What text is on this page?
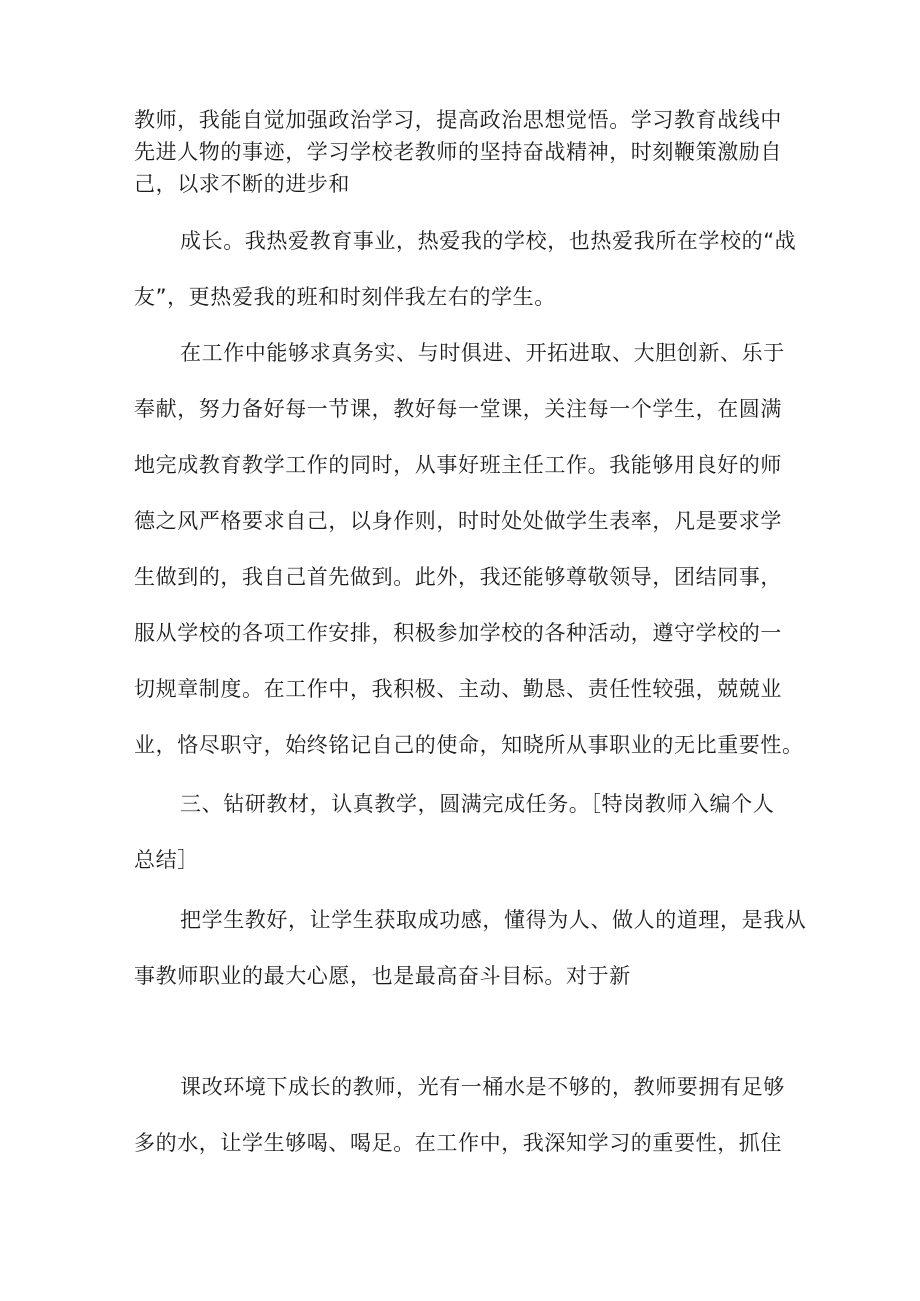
教师，我能自觉加强政治学习，提高政治思想觉悟。学习教育战线中
先进人物的事迹，学习学校老教师的坚持奋战精神，时刻鞭策激励自
己，以求不断的进步和
成长。我热爱教育事业，热爱我的学校，也热爱我所在学校的“战
友”，更热爱我的班和时刻伴我左右的学生。
在工作中能够求真务实、与时俱进、开拓进取、大胆创新、乐于
奉献，努力备好每一节课，教好每一堂课，关注每一个学生，在圆满
地完成教育教学工作的同时，从事好班主任工作。我能够用良好的师
德之风严格要求自己，以身作则，时时处处做学生表率，凡是要求学
生做到的，我自己首先做到。此外，我还能够尊敬领导，团结同事，
服从学校的各项工作安排，积极参加学校的各种活动，遵守学校的一
切规章制度。在工作中，我积极、主动、勤恳、责任性较强，兢兢业
业，恪尽职守，始终铭记自己的使命，知晓所从事职业的无比重要性。
三、钻研教材，认真教学，圆满完成任务。［特岗教师入编个人
总结］
把学生教好，让学生获取成功感，懂得为人、做人的道理，是我从
事教师职业的最大心愿，也是最高奋斗目标。对于新
课改环境下成长的教师，光有一桶水是不够的，教师要拥有足够
多的水，让学生够喝、喝足。在工作中，我深知学习的重要性，抓住
